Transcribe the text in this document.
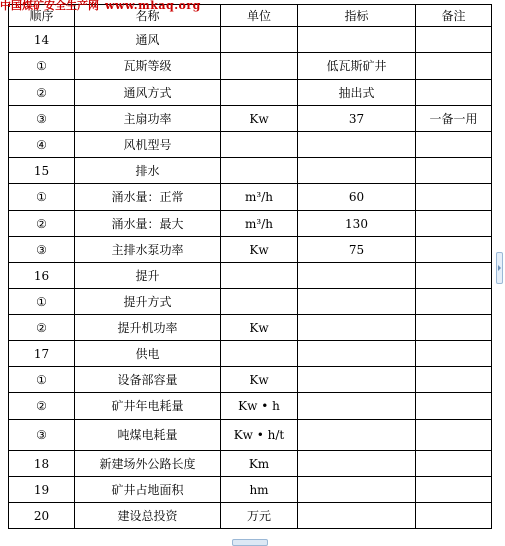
中国煤矿安全生产网 www.mkaq.org
顺序	名称	单位	指标	备注
14	通风			
①	瓦斯等级		低瓦斯矿井	
②	通风方式		抽出式	
③	主扇功率	Kw	37	一备一用
④	风机型号			
15	排水			
①	涌水量：正常	m³/h	60	
②	涌水量：最大	m³/h	130	
③	主排水泵功率	Kw	75	
16	提升			
①	提升方式			
②	提升机功率	Kw		
17	供电			
①	设备部容量	Kw		
②	矿井年电耗量	Kw • h		
③	吨煤电耗量	Kw • h/t		
18	新建场外公路长度	Km		
19	矿井占地面积	hm		
20	建设总投资	万元		
